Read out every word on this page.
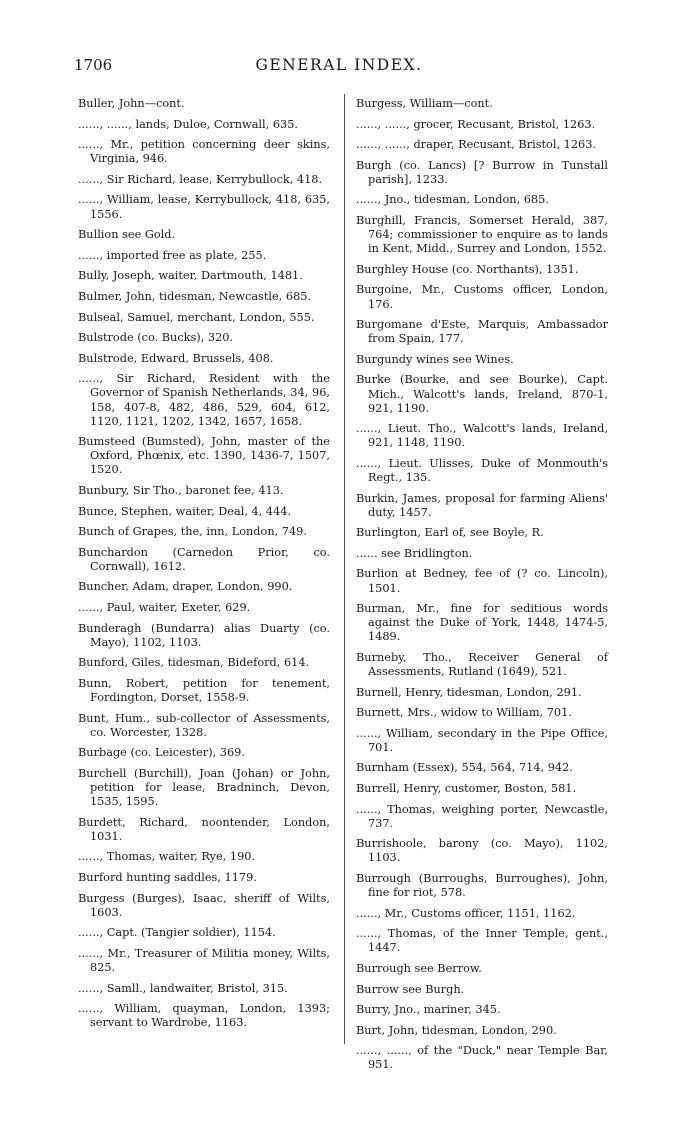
1706	GENERAL INDEX.

Buller, John—cont.

......, ......, lands, Duloe, Cornwall, 635.

......, Mr., petition concerning deer skins, Virginia, 946.

......, Sir Richard, lease, Kerrybullock, 418.

......, William, lease, Kerrybullock, 418, 635, 1556.

Bullion see Gold.

......, imported free as plate, 255.

Bully, Joseph, waiter, Dartmouth, 1481.

Bulmer, John, tidesman, Newcastle, 685.

Bulseal, Samuel, merchant, London, 555.

Bulstrode (co. Bucks), 320.

Bulstrode, Edward, Brussels, 408.

......, Sir Richard, Resident with the Governor of Spanish Netherlands, 34, 96, 158, 407-8, 482, 486, 529, 604, 612, 1120, 1121, 1202, 1342, 1657, 1658.

Bumsteed (Bumsted), John, master of the Oxford, Phœnix, etc. 1390, 1436-7, 1507, 1520.

Bunbury, Sir Tho., baronet fee, 413.

Bunce, Stephen, waiter, Deal, 4, 444.

Bunch of Grapes, the, inn, London, 749.

Bunchardon (Carnedon Prior, co. Cornwall), 1612.

Buncher, Adam, draper, London, 990.

......, Paul, waiter, Exeter, 629.

Bunderagh (Bundarra) alias Duarty (co. Mayo), 1102, 1103.

Bunford, Giles, tidesman, Bideford, 614.

Bunn, Robert, petition for tenement, Fordington, Dorset, 1558-9.

Bunt, Hum., sub-collector of Assessments, co. Worcester, 1328.

Burbage (co. Leicester), 369.

Burchell (Burchill), Joan (Johan) or John, petition for lease, Bradninch, Devon, 1535, 1595.

Burdett, Richard, noontender, London, 1031.

......, Thomas, waiter, Rye, 190.

Burford hunting saddles, 1179.

Burgess (Burges), Isaac, sheriff of Wilts, 1603.

......, Capt. (Tangier soldier), 1154.

......, Mr., Treasurer of Militia money, Wilts, 825.

......, Samll., landwaiter, Bristol, 315.

......, William, quayman, London, 1393; servant to Wardrobe, 1163.

Burgess, William—cont.

......, ......, grocer, Recusant, Bristol, 1263.

......, ......, draper, Recusant, Bristol, 1263.

Burgh (co. Lancs) [? Burrow in Tunstall parish], 1233.

......, Jno., tidesman, London, 685.

Burghill, Francis, Somerset Herald, 387, 764; commissioner to enquire as to lands in Kent, Midd., Surrey and London, 1552.

Burghley House (co. Northants), 1351.

Burgoine, Mr., Customs officer, London, 176.

Burgomane d'Este, Marquis, Ambassador from Spain, 177.

Burgundy wines see Wines.

Burke (Bourke, and see Bourke), Capt. Mich., Walcott's lands, Ireland, 870-1, 921, 1190.

......, Lieut. Tho., Walcott's lands, Ireland, 921, 1148, 1190.

......, Lieut. Ulisses, Duke of Monmouth's Regt., 135.

Burkin, James, proposal for farming Aliens' duty, 1457.

Burlington, Earl of, see Boyle, R.

...... see Bridlington.

Burlion at Bedney, fee of (? co. Lincoln), 1501.

Burman, Mr., fine for seditious words against the Duke of York, 1448, 1474-5, 1489.

Burneby, Tho., Receiver General of Assessments, Rutland (1649), 521.

Burnell, Henry, tidesman, London, 291.

Burnett, Mrs., widow to William, 701.

......, William, secondary in the Pipe Office, 701.

Burnham (Essex), 554, 564, 714, 942.

Burrell, Henry, customer, Boston, 581.

......, Thomas, weighing porter, Newcastle, 737.

Burrishoole, barony (co. Mayo), 1102, 1103.

Burrough (Burroughs, Burroughes), John, fine for riot, 578.

......, Mr., Customs officer, 1151, 1162.

......, Thomas, of the Inner Temple, gent., 1447.

Burrough see Berrow.

Burrow see Burgh.

Burry, Jno., mariner, 345.

Burt, John, tidesman, London, 290.

......, ......, of the "Duck," near Temple Bar, 951.
